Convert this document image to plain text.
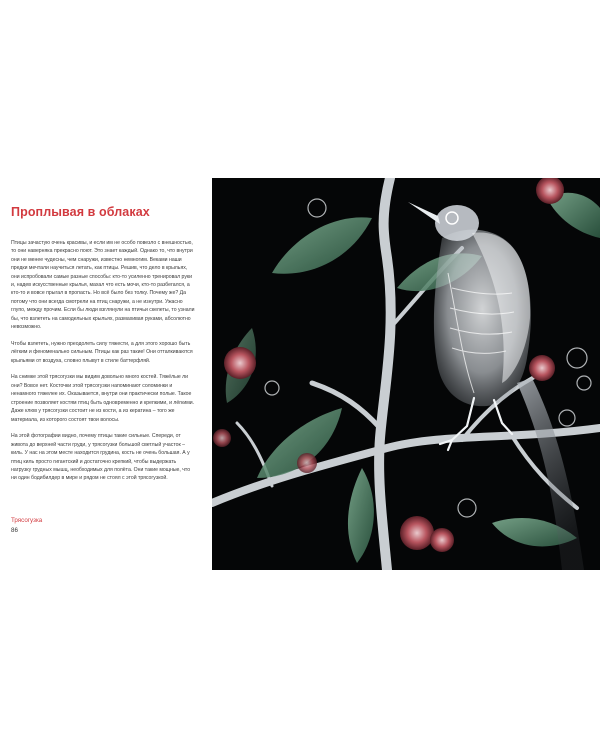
Проплывая в облаках

Птицы зачастую очень красивы, и если им не особо повезло с внешностью, то они наверняка прекрасно поют. Это знает каждый. Однако то, что внутри они не менее чудесны, чем снаружи, известно немногим. Веками наши предки мечтали научиться летать, как птицы. Решив, что дело в крыльях, они испробовали самые разные способы: кто-то усиленно тренировал руки и, надев искусственные крылья, махал что есть мочи, кто-то разбегался, а кто-то и вовсе прыгал в пропасть. Но всё было без толку. Почему же? Да потому что они всегда смотрели на птиц снаружи, а не изнутри. Ужасно глупо, между прочим. Если бы люди взглянули на птичьи скелеты, то узнали бы, что взлететь на самодельных крыльях, размахивая руками, абсолютно невозможно.

Чтобы взлететь, нужно преодолеть силу тяжести, а для этого хорошо быть лёгким и феноменально сильным. Птицы как раз такие! Они отталкиваются крыльями от воздуха, словно плывут в стиле баттерфляй.

На снимке этой трясогузки мы видим довольно много костей. Тяжёлые ли они? Вовсе нет. Косточки этой трясогузки напоминают соломинки и ненамного тяжелее их. Оказывается, внутри они практически полые. Такое строение позволяет костям птиц быть одновременно и крепкими, и лёгкими. Даже клюв у трясогузки состоит не из кости, а из кератина – того же материала, из которого состоят твои волосы.

На этой фотографии видно, почему птицы такие сильные. Спереди, от живота до верхней части груди, у трясогузки большой светлый участок – киль. У нас на этом месте находится грудина, кость не очень большая. А у птиц киль просто гигантский и достаточно крепкий, чтобы выдержать нагрузку грудных мышц, необходимых для полёта. Они такие мощные, что ни один бодибилдер в мире и рядом не стоял с этой трясогузкой.

Трясогузка
86
